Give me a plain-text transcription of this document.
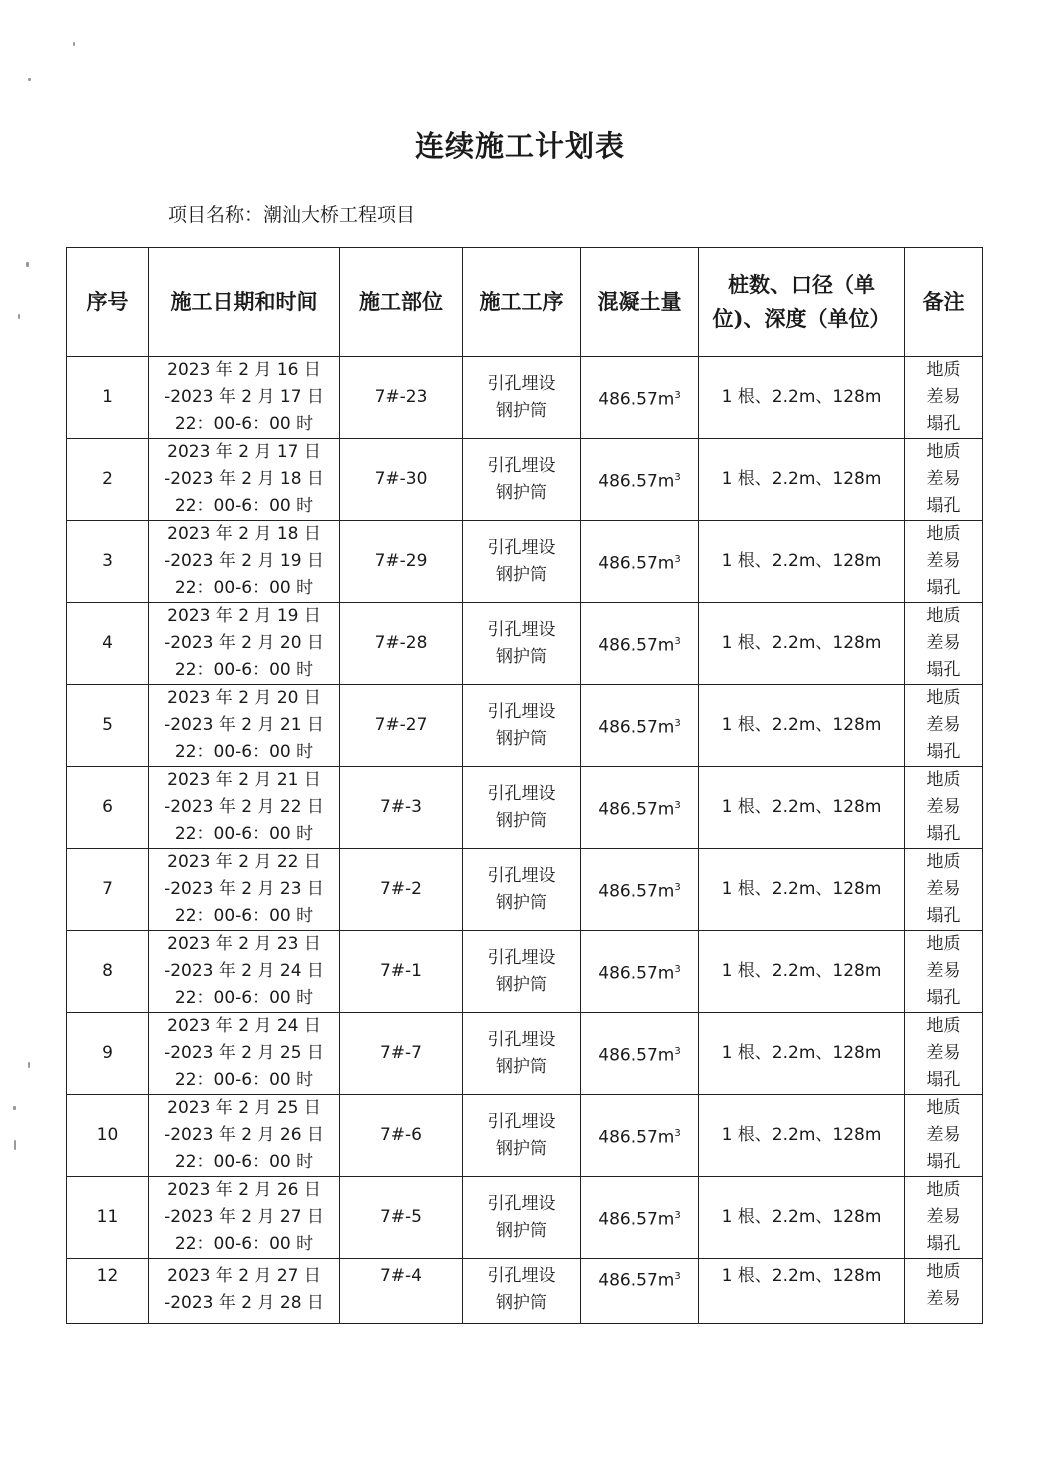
连续施工计划表
项目名称：潮汕大桥工程项目
序号	施工日期和时间	施工部位	施工工序	混凝土量	桩数、口径（单
位)、深度（单位）	备注
1	2023 年 2 月 16 日
-2023 年 2 月 17 日
22：00-6：00 时	7#-23	引孔埋设
钢护筒	$486.57m^3$	1 根、2.2m、128m	地质
差易
塌孔

2	2023 年 2 月 17 日
-2023 年 2 月 18 日
22：00-6：00 时	7#-30	引孔埋设
钢护筒	$486.57m^3$	1 根、2.2m、128m	地质
差易
塌孔

3	2023 年 2 月 18 日
-2023 年 2 月 19 日
22：00-6：00 时	7#-29	引孔埋设
钢护筒	$486.57m^3$	1 根、2.2m、128m	地质
差易
塌孔

4	2023 年 2 月 19 日
-2023 年 2 月 20 日
22：00-6：00 时	7#-28	引孔埋设
钢护筒	$486.57m^3$	1 根、2.2m、128m	地质
差易
塌孔

5	2023 年 2 月 20 日
-2023 年 2 月 21 日
22：00-6：00 时	7#-27	引孔埋设
钢护筒	$486.57m^3$	1 根、2.2m、128m	地质
差易
塌孔

6	2023 年 2 月 21 日
-2023 年 2 月 22 日
22：00-6：00 时	7#-3	引孔埋设
钢护筒	$486.57m^3$	1 根、2.2m、128m	地质
差易
塌孔

7	2023 年 2 月 22 日
-2023 年 2 月 23 日
22：00-6：00 时	7#-2	引孔埋设
钢护筒	$486.57m^3$	1 根、2.2m、128m	地质
差易
塌孔

8	2023 年 2 月 23 日
-2023 年 2 月 24 日
22：00-6：00 时	7#-1	引孔埋设
钢护筒	$486.57m^3$	1 根、2.2m、128m	地质
差易
塌孔

9	2023 年 2 月 24 日
-2023 年 2 月 25 日
22：00-6：00 时	7#-7	引孔埋设
钢护筒	$486.57m^3$	1 根、2.2m、128m	地质
差易
塌孔

10	2023 年 2 月 25 日
-2023 年 2 月 26 日
22：00-6：00 时	7#-6	引孔埋设
钢护筒	$486.57m^3$	1 根、2.2m、128m	地质
差易
塌孔

11	2023 年 2 月 26 日
-2023 年 2 月 27 日
22：00-6：00 时	7#-5	引孔埋设
钢护筒	$486.57m^3$	1 根、2.2m、128m	地质
差易
塌孔

12	2023 年 2 月 27 日
-2023 年 2 月 28 日	7#-4	引孔埋设
钢护筒	$486.57m^3$	1 根、2.2m、128m	地质
差易
